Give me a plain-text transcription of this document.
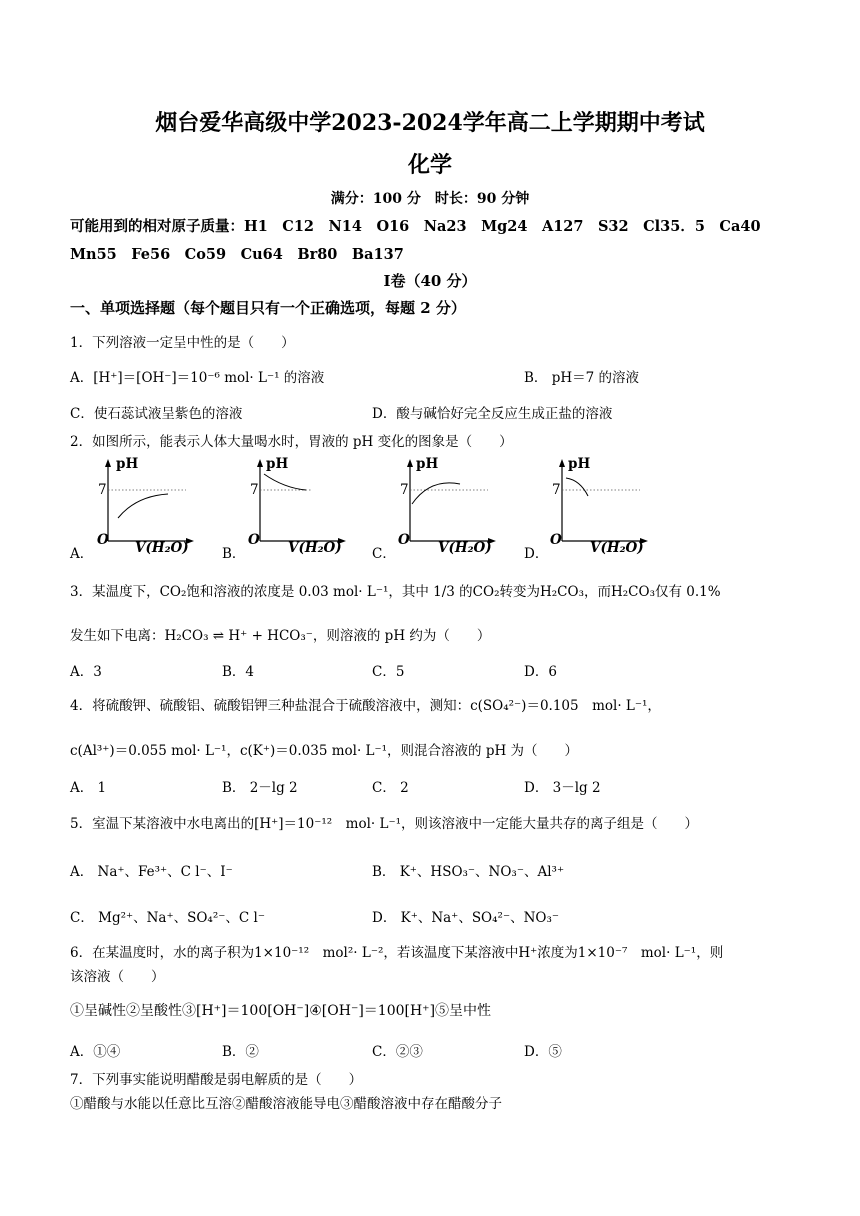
烟台爱华高级中学2023-2024学年高二上学期期中考试
化学
满分：100 分　时长：90 分钟
可能用到的相对原子质量：H1　C12　N14　O16　Na23　Mg24　A127　S32　Cl35．5　Ca40
Mn55　Fe56　Co59　Cu64　Br80　Ba137
Ⅰ卷（40 分）
一、单项选择题（每个题目只有一个正确选项，每题 2 分）
1．下列溶液一定呈中性的是（　　）
A．[H⁺]＝[OH⁻]＝10⁻⁶ mol· L⁻¹ 的溶液	B． pH＝7 的溶液
C．使石蕊试液呈紫色的溶液	D．酸与碱恰好完全反应生成正盐的溶液
2．如图所示，能表示人体大量喝水时，胃液的 pH 变化的图象是（　　）
A．
pH
7
O V(H₂O) B．
pH
7
O V(H₂O) C．
pH
7
O V(H₂O) D．
pH
7
O V(H₂O)
3．某温度下，CO₂饱和溶液的浓度是 0.03 mol· L⁻¹，其中 1/3 的CO₂转变为H₂CO₃，而H₂CO₃仅有 0.1%
发生如下电离：H₂CO₃ ⇌ H⁺ + HCO₃⁻，则溶液的 pH 约为（　　）
A．3	B．4	C．5	D．6
4．将硫酸钾、硫酸铝、硫酸铝钾三种盐混合于硫酸溶液中，测知：c(SO₄²⁻)＝0.105　mol· L⁻¹，
c(Al³⁺)＝0.055 mol· L⁻¹，c(K⁺)＝0.035 mol· L⁻¹，则混合溶液的 pH 为（　　）
A． 1	B． 2－lg 2	C． 2	D． 3－lg 2
5．室温下某溶液中水电离出的[H⁺]＝10⁻¹²　mol· L⁻¹，则该溶液中一定能大量共存的离子组是（　　）
A． Na⁺、Fe³⁺、C l⁻、I⁻	B． K⁺、HSO₃⁻、NO₃⁻、Al³⁺
C． Mg²⁺、Na⁺、SO₄²⁻、C l⁻	D． K⁺、Na⁺、SO₄²⁻、NO₃⁻
6．在某温度时，水的离子积为1×10⁻¹²　mol²· L⁻²，若该温度下某溶液中H⁺浓度为1×10⁻⁷　mol· L⁻¹，则
该溶液（　　）
①呈碱性②呈酸性③[H⁺]＝100[OH⁻]④[OH⁻]＝100[H⁺]⑤呈中性
A．①④	B．②	C．②③	D．⑤
7．下列事实能说明醋酸是弱电解质的是（　　）
①醋酸与水能以任意比互溶②醋酸溶液能导电③醋酸溶液中存在醋酸分子
